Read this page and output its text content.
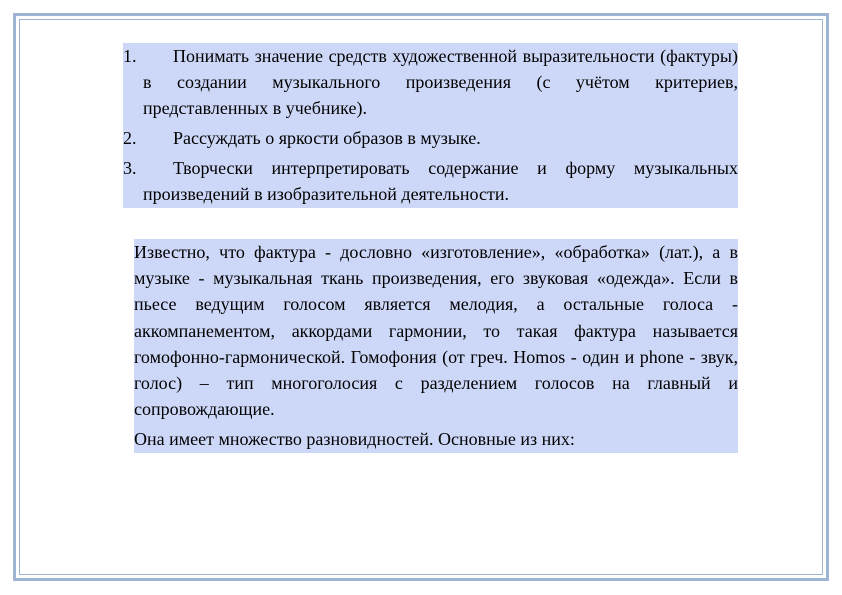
1. Понимать значение средств художественной выразительности (фактуры) в создании музыкального произведения (с учётом критериев, представленных в учебнике).
2. Рассуждать о яркости образов в музыке.
3. Творчески интерпретировать содержание и форму музыкальных произведений в изобразительной деятельности.

Известно, что фактура - дословно «изготовление», «обработка» (лат.), а в музыке - музыкальная ткань произведения, его звуковая «одежда». Если в пьесе ведущим голосом является мелодия, а остальные голоса - аккомпанементом, аккордами гармонии, то такая фактура называется гомофонно-гармонической. Гомофония (от греч. Homos - один и phone - звук, голос) – тип многоголосия с разделением голосов на главный и сопровождающие.

Она имеет множество разновидностей. Основные из них:
